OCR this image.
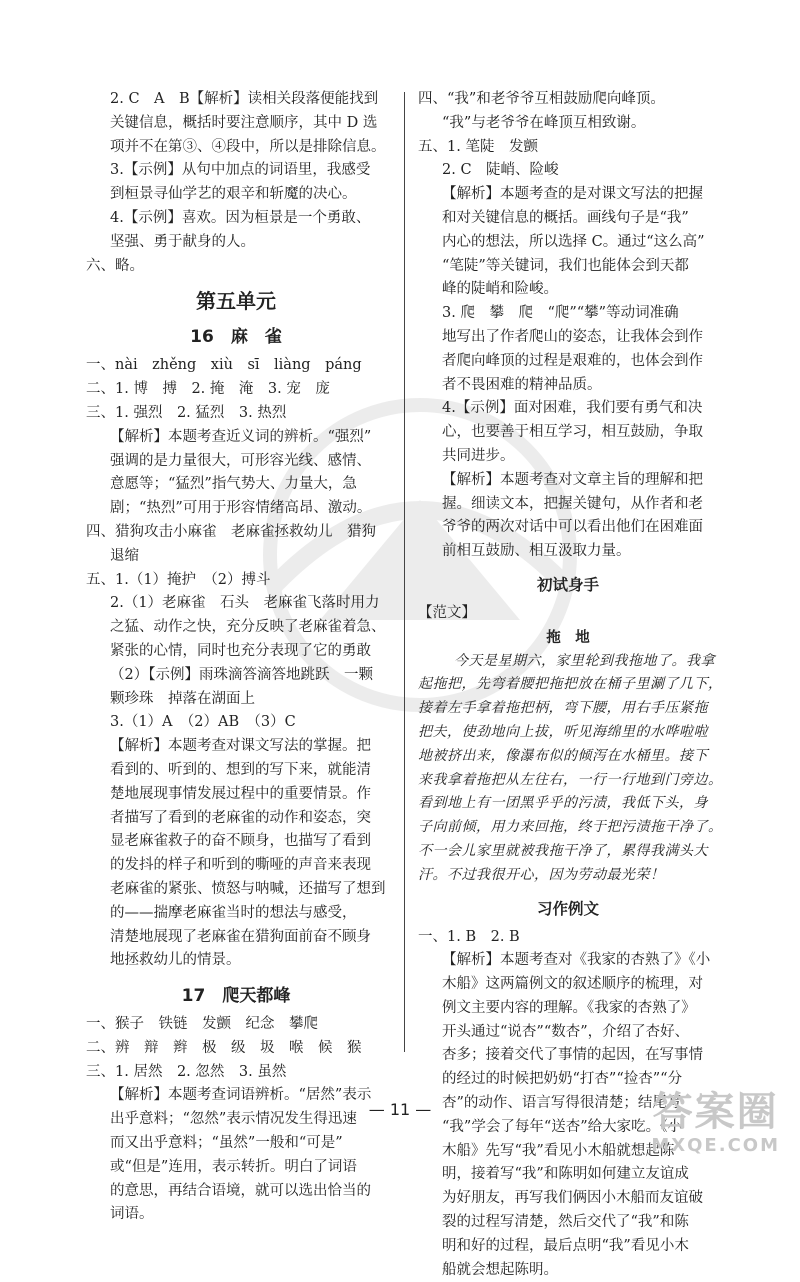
2. C　A　B【解析】读相关段落便能找到
关键信息，概括时要注意顺序，其中 D 选
项并不在第③、④段中，所以是排除信息。
3.【示例】从句中加点的词语里，我感受
到桓景寻仙学艺的艰辛和斩魔的决心。
4.【示例】喜欢。因为桓景是一个勇敢、
坚强、勇于献身的人。
六、略。
第五单元
16　麻　雀
一、nài　zhěng　xiù　sī　liàng　páng
二、1. 博　搏　2. 掩　淹　3. 宠　庞
三、1. 强烈　2. 猛烈　3. 热烈
【解析】本题考查近义词的辨析。“强烈”
强调的是力量很大，可形容光线、感情、
意愿等；“猛烈”指气势大、力量大，急
剧；“热烈”可用于形容情绪高昂、激动。
四、猎狗攻击小麻雀　老麻雀拯救幼儿　猎狗
退缩
五、1.（1）掩护　（2）搏斗
2.（1）老麻雀　石头　老麻雀飞落时用力
之猛、动作之快，充分反映了老麻雀着急、
紧张的心情，同时也充分表现了它的勇敢
（2）【示例】雨珠滴答滴答地跳跃　一颗
颗珍珠　掉落在湖面上
3.（1）A　（2）AB　（3）C
【解析】本题考查对课文写法的掌握。把
看到的、听到的、想到的写下来，就能清
楚地展现事情发展过程中的重要情景。作
者描写了看到的老麻雀的动作和姿态，突
显老麻雀救子的奋不顾身，也描写了看到
的发抖的样子和听到的嘶哑的声音来表现
老麻雀的紧张、愤怒与呐喊，还描写了想到
的——揣摩老麻雀当时的想法与感受，
清楚地展现了老麻雀在猎狗面前奋不顾身
地拯救幼儿的情景。
17　爬天都峰
一、猴子　铁链　发颤　纪念　攀爬
二、辨　辩　辫　极　级　圾　喉　候　猴
三、1. 居然　2. 忽然　3. 虽然
【解析】本题考查词语辨析。“居然”表示
出乎意料；“忽然”表示情况发生得迅速
而又出乎意料；“虽然”一般和“可是”
或“但是”连用，表示转折。明白了词语
的意思，再结合语境，就可以选出恰当的
词语。
四、“我”和老爷爷互相鼓励爬向峰顶。
“我”与老爷爷在峰顶互相致谢。
五、1. 笔陡　发颤
2. C　陡峭、险峻
【解析】本题考查的是对课文写法的把握
和对关键信息的概括。画线句子是“我”
内心的想法，所以选择 C。通过“这么高”
“笔陡”等关键词，我们也能体会到天都
峰的陡峭和险峻。
3. 爬　攀　爬　“爬”“攀”等动词准确
地写出了作者爬山的姿态，让我体会到作
者爬向峰顶的过程是艰难的，也体会到作
者不畏困难的精神品质。
4.【示例】面对困难，我们要有勇气和决
心，也要善于相互学习，相互鼓励，争取
共同进步。
【解析】本题考查对文章主旨的理解和把
握。细读文本，把握关键句，从作者和老
爷爷的两次对话中可以看出他们在困难面
前相互鼓励、相互汲取力量。
初试身手
【范文】
拖　地
今天是星期六，家里轮到我拖地了。我拿
起拖把，先弯着腰把拖把放在桶子里涮了几下，
接着左手拿着拖把柄，弯下腰，用右手压紧拖
把夫，使劲地向上拔，听见海绵里的水哗啦啦
地被挤出来，像瀑布似的倾泻在水桶里。接下
来我拿着拖把从左往右，一行一行地到门旁边。
看到地上有一团黑乎乎的污渍，我低下头，身
子向前倾，用力来回拖，终于把污渍拖干净了。
不一会儿家里就被我拖干净了，累得我满头大
汗。不过我很开心，因为劳动最光荣！
习作例文
一、1. B　2. B
【解析】本题考查对《我家的杏熟了》《小
木船》这两篇例文的叙述顺序的梳理，对
例文主要内容的理解。《我家的杏熟了》
开头通过“说杏”“数杏”，介绍了杏好、
杏多；接着交代了事情的起因，在写事情
的经过的时候把奶奶“打杏”“捡杏”“分
杏”的动作、语言写得很清楚；结尾写
“我”学会了每年“送杏”给大家吃。《小
木船》先写“我”看见小木船就想起陈
明，接着写“我”和陈明如何建立友谊成
为好朋友，再写我们俩因小木船而友谊破
裂的过程写清楚，然后交代了“我”和陈
明和好的过程，最后点明“我”看见小木
船就会想起陈明。
— 11 —	答案圈
MXQE.COM
